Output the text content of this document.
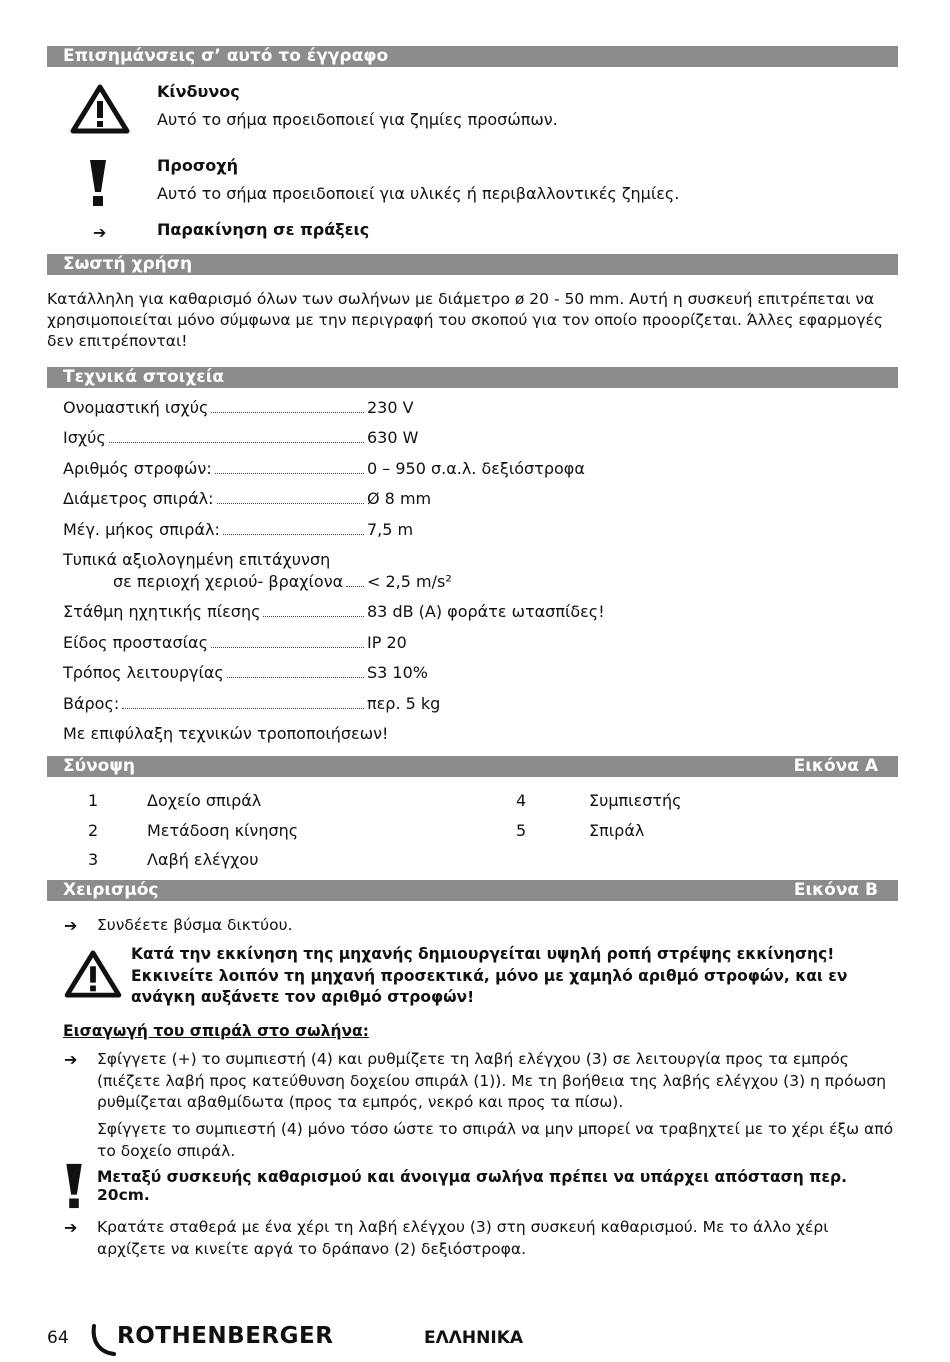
Επισημάνσεις σ’ αυτό το έγγραφο
Κίνδυνος
Αυτό το σήμα προειδοποιεί για ζημίες προσώπων.
Προσοχή
Αυτό το σήμα προειδοποιεί για υλικές ή περιβαλλοντικές ζημίες.
➔	Παρακίνηση σε πράξεις
Σωστή χρήση
Κατάλληλη για καθαρισμό όλων των σωλήνων με διάμετρο ø 20 - 50 mm. Αυτή η συσκευή επιτρέπεται να χρησιμοποιείται μόνο σύμφωνα με την περιγραφή του σκοπού για τον οποίο προορίζεται. Άλλες εφαρμογές δεν επιτρέπονται!
Τεχνικά στοιχεία
Ονομαστική ισχύς	230 V
Ισχύς	630 W
Αριθμός στροφών:	0 – 950 σ.α.λ. δεξιόστροφα
Διάμετρος σπιράλ:	Ø 8 mm
Μέγ. μήκος σπιράλ:	7,5 m
Τυπικά αξιολογημένη επιτάχυνση
σε περιοχή χεριού- βραχίονα < 2,5 m/s²
Στάθμη ηχητικής πίεσης	83 dB (A) φοράτε ωτασπίδες!
Είδος προστασίας	IP 20
Τρόπος λειτουργίας	S3 10%
Βάρος:	περ. 5 kg
Με επιφύλαξη τεχνικών τροποποιήσεων!
Σύνοψη	Εικόνα A
1	Δοχείο σπιράλ
2	Μετάδοση κίνησης
3	Λαβή ελέγχου
4	Συμπιεστής
5	Σπιράλ
Χειρισμός	Εικόνα B
➔ Συνδέετε βύσμα δικτύου.
Κατά την εκκίνηση της μηχανής δημιουργείται υψηλή ροπή στρέψης εκκίνησης! Εκκινείτε λοιπόν τη μηχανή προσεκτικά, μόνο με χαμηλό αριθμό στροφών, και εν ανάγκη αυξάνετε τον αριθμό στροφών!
Εισαγωγή του σπιράλ στο σωλήνα:
➔ Σφίγγετε (+) το συμπιεστή (4) και ρυθμίζετε τη λαβή ελέγχου (3) σε λειτουργία προς τα εμπρός (πιέζετε λαβή προς κατεύθυνση δοχείου σπιράλ (1)). Με τη βοήθεια της λαβής ελέγχου (3) η πρόωση ρυθμίζεται αβαθμίδωτα (προς τα εμπρός, νεκρό και προς τα πίσω).
Σφίγγετε το συμπιεστή (4) μόνο τόσο ώστε το σπιράλ να μην μπορεί να τραβηχτεί με το χέρι έξω από το δοχείο σπιράλ.
Μεταξύ συσκευής καθαρισμού και άνοιγμα σωλήνα πρέπει να υπάρχει απόσταση περ. 20cm.
➔ Κρατάτε σταθερά με ένα χέρι τη λαβή ελέγχου (3) στη συσκευή καθαρισμού. Με το άλλο χέρι αρχίζετε να κινείτε αργά το δράπανο (2) δεξιόστροφα.
64 ROTHENBERGER	ΕΛΛΗΝΙΚΑ
